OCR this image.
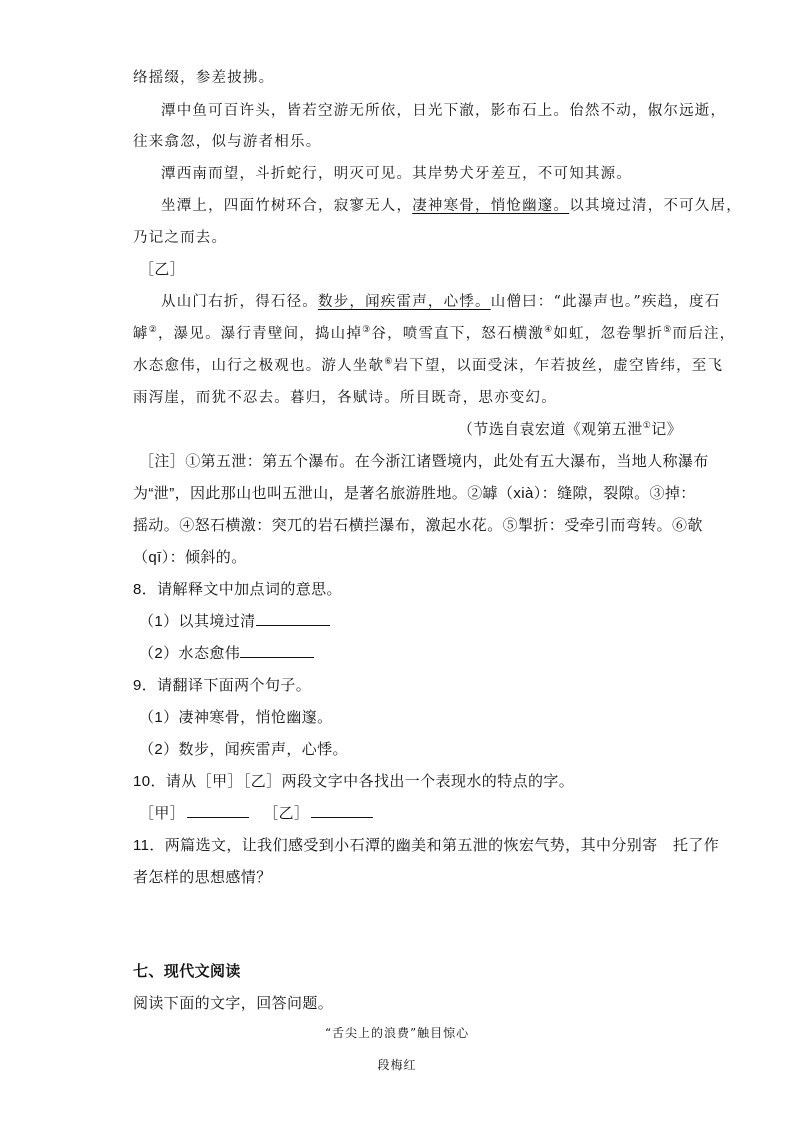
络摇缀，参差披拂。
潭中鱼可百许头，皆若空游无所依，日光下澈，影布石上。佁然不动，俶尔远逝，
往来翕忽，似与游者相乐。
潭西南而望，斗折蛇行，明灭可见。其岸势犬牙差互，不可知其源。
坐潭上，四面竹树环合，寂寥无人，凄神寒骨，悄怆幽邃。以其境过清，不可久居，
乃记之而去。
［乙］
从山门右折，得石径。数步，闻疾雷声，心悸。山僧曰：“此瀑声也。”疾趋，度石
罅②，瀑见。瀑行青壁间，捣山掉③谷，喷雪直下，怒石横激④如虹，忽卷掣折⑤而后注，
水态愈伟，山行之极观也。游人坐欹⑥岩下望，以面受沫，乍若披丝，虚空皆纬，至飞
雨泻崖，而犹不忍去。暮归，各赋诗。所目既奇，思亦变幻。
（节选自袁宏道《观第五泄①记》
［注］①第五泄：第五个瀑布。在今浙江诸暨境内，此处有五大瀑布，当地人称瀑布
为“泄”，因此那山也叫五泄山，是著名旅游胜地。②罅（xià）：缝隙，裂隙。③掉：
摇动。④怒石横激：突兀的岩石横拦瀑布，激起水花。⑤掣折：受牵引而弯转。⑥欹
（qī）：倾斜的。
8．请解释文中加点词的意思。
（1）以其境过清
（2）水态愈伟
9．请翻译下面两个句子。
（1）凄神寒骨，悄怆幽邃。
（2）数步，闻疾雷声，心悸。
10．请从［甲］［乙］两段文字中各找出一个表现水的特点的字。
［甲］	［乙］
11．两篇选文，让我们感受到小石潭的幽美和第五泄的恢宏气势，其中分别寄　托了作
者怎样的思想感情？
七、现代文阅读
阅读下面的文字，回答问题。
“舌尖上的浪费”触目惊心
段梅红
